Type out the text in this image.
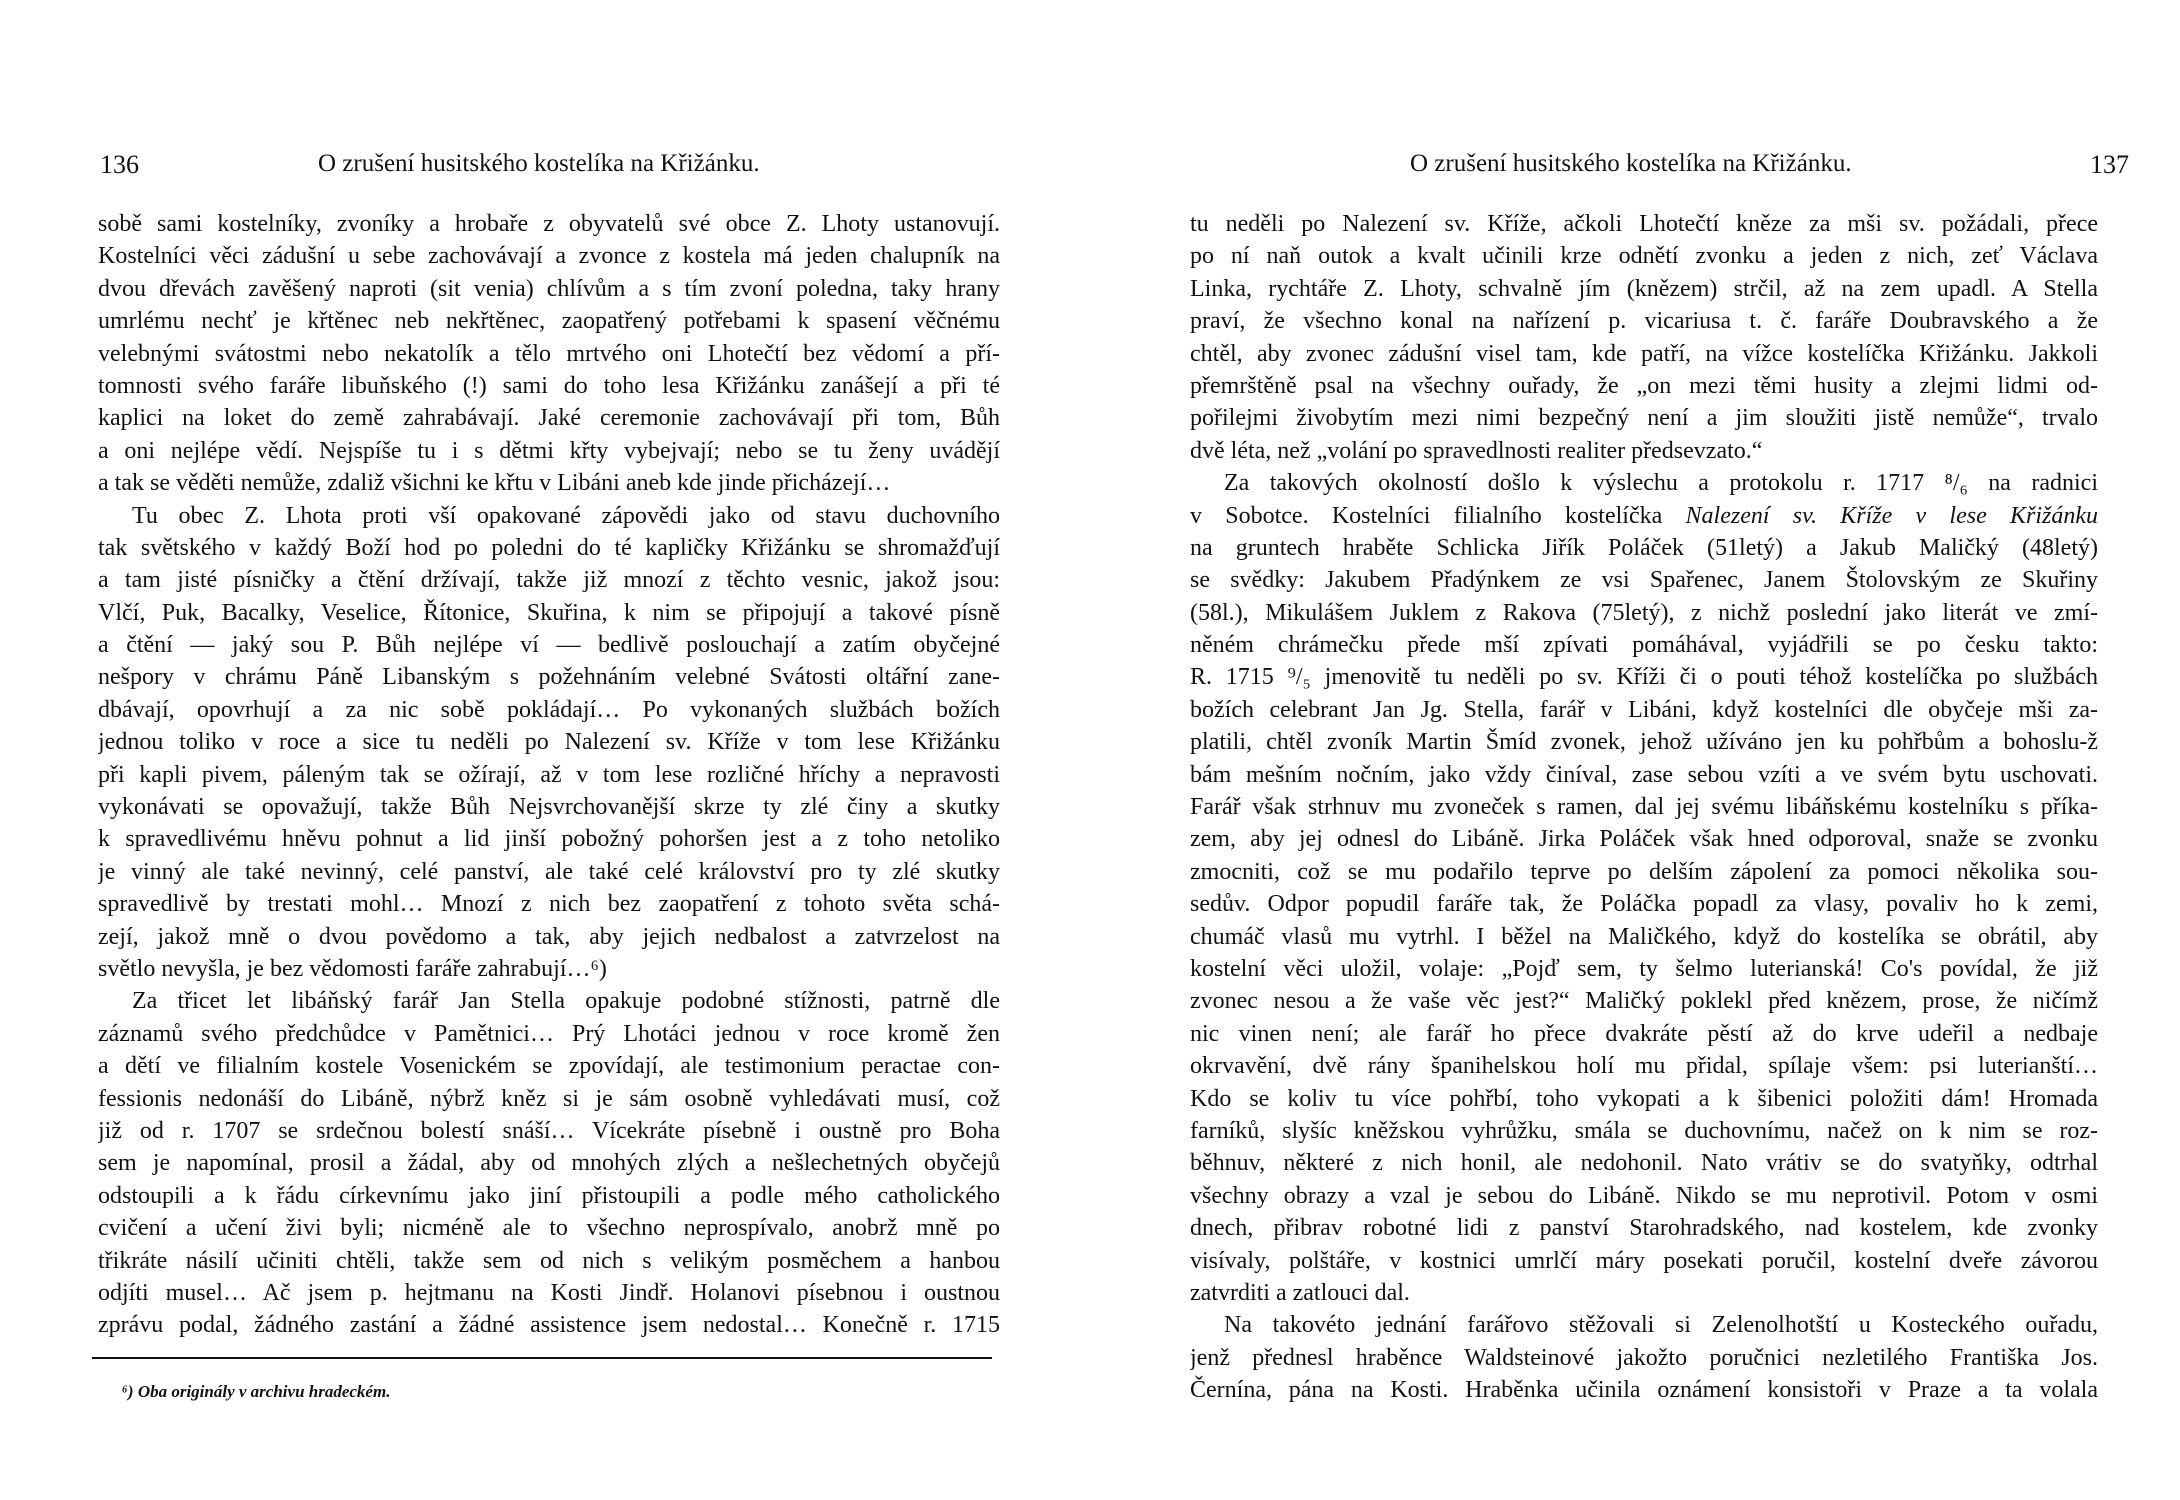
136	O zrušení husitského kostelíka na Křižánku.
sobě sami kostelníky, zvoníky a hrobaře z obyvatelů své obce Z. Lhoty ustanovují.
Kostelníci věci zádušní u sebe zachovávají a zvonce z kostela má jeden chalupník na
dvou dřevách zavěšený naproti (sit venia) chlívům a s tím zvoní poledna, taky hrany
umrlému nechť je křtěnec neb nekřtěnec, zaopatřený potřebami k spasení věčnému
velebnými svátostmi nebo nekatolík a tělo mrtvého oni Lhotečtí bez vědomí a pří-
tomnosti svého faráře libuňského (!) sami do toho lesa Křižánku zanášejí a při té
kaplici na loket do země zahrabávají. Jaké ceremonie zachovávají při tom, Bůh
a oni nejlépe vědí. Nejspíše tu i s dětmi křty vybejvají; nebo se tu ženy uvádějí
a tak se věděti nemůže, zdaliž všichni ke křtu v Libáni aneb kde jinde přicházejí…
Tu obec Z. Lhota proti vší opakované zápovědi jako od stavu duchovního
tak světského v každý Boží hod po poledni do té kapličky Křižánku se shromažďují
a tam jisté písničky a čtění držívají, takže již mnozí z těchto vesnic, jakož jsou:
Vlčí, Puk, Bacalky, Veselice, Řítonice, Skuřina, k nim se připojují a takové písně
a čtění — jaký sou P. Bůh nejlépe ví — bedlivě poslouchají a zatím obyčejné
nešpory v chrámu Páně Libanským s požehnáním velebné Svátosti oltářní zane-
dbávají, opovrhují a za nic sobě pokládají… Po vykonaných službách božích
jednou toliko v roce a sice tu neděli po Nalezení sv. Kříže v tom lese Křižánku
při kapli pivem, páleným tak se ožírají, až v tom lese rozličné hříchy a nepravosti
vykonávati se opovažují, takže Bůh Nejsvrchovanější skrze ty zlé činy a skutky
k spravedlivému hněvu pohnut a lid jinší pobožný pohoršen jest a z toho netoliko
je vinný ale také nevinný, celé panství, ale také celé království pro ty zlé skutky
spravedlivě by trestati mohl… Mnozí z nich bez zaopatření z tohoto světa schá-
zejí, jakož mně o dvou povědomo a tak, aby jejich nedbalost a zatvrzelost na
světlo nevyšla, je bez vědomosti faráře zahrabují…⁶)
Za třicet let libáňský farář Jan Stella opakuje podobné stížnosti, patrně dle
záznamů svého předchůdce v Pamětnici… Prý Lhotáci jednou v roce kromě žen
a dětí ve filialním kostele Vosenickém se zpovídají, ale testimonium peractae con-
fessionis nedonáší do Libáně, nýbrž kněz si je sám osobně vyhledávati musí, což
již od r. 1707 se srdečnou bolestí snáší… Vícekráte písebně i oustně pro Boha
sem je napomínal, prosil a žádal, aby od mnohých zlých a nešlechetných obyčejů
odstoupili a k řádu církevnímu jako jiní přistoupili a podle mého catholického
cvičení a učení živi byli; nicméně ale to všechno neprospívalo, anobrž mně po
třikráte násilí učiniti chtěli, takže sem od nich s velikým posměchem a hanbou
odjíti musel… Ač jsem p. hejtmanu na Kosti Jindř. Holanovi písebnou i oustnou
zprávu podal, žádného zastání a žádné assistence jsem nedostal… Konečně r. 1715
⁶) Oba originály v archivu hradeckém.
O zrušení husitského kostelíka na Křižánku.	137
tu neděli po Nalezení sv. Kříže, ačkoli Lhotečtí kněze za mši sv. požádali, přece
po ní naň outok a kvalt učinili krze odnětí zvonku a jeden z nich, zeť Václava
Linka, rychtáře Z. Lhoty, schvalně jím (knězem) strčil, až na zem upadl. A Stella
praví, že všechno konal na nařízení p. vicariusa t. č. faráře Doubravského a že
chtěl, aby zvonec zádušní visel tam, kde patří, na vížce kostelíčka Křižánku. Jakkoli
přemrštěně psal na všechny ouřady, že „on mezi těmi husity a zlejmi lidmi od-
pořilejmi živobytím mezi nimi bezpečný není a jim sloužiti jistě nemůže“, trvalo
dvě léta, než „volání po spravedlnosti realiter předsevzato.“
Za takových okolností došlo k výslechu a protokolu r. 1717 ⁸/₆ na radnici
v Sobotce. Kostelníci filialního kostelíčka Nalezení sv. Kříže v lese Křižánku
na gruntech hraběte Schlicka Jiřík Poláček (51letý) a Jakub Maličký (48letý)
se svědky: Jakubem Přadýnkem ze vsi Spařenec, Janem Štolovským ze Skuřiny
(58l.), Mikulášem Juklem z Rakova (75letý), z nichž poslední jako literát ve zmí-
něném chrámečku přede mší zpívati pomáhával, vyjádřili se po česku takto:
R. 1715 ⁹/₅ jmenovitě tu neděli po sv. Kříži či o pouti téhož kostelíčka po službách
božích celebrant Jan Jg. Stella, farář v Libáni, když kostelníci dle obyčeje mši za-
platili, chtěl zvoník Martin Šmíd zvonek, jehož užíváno jen ku pohřbům a bohoslu-ž
bám mešním nočním, jako vždy činíval, zase sebou vzíti a ve svém bytu uschovati.
Farář však strhnuv mu zvoneček s ramen, dal jej svému libáňskému kostelníku s příka-
zem, aby jej odnesl do Libáně. Jirka Poláček však hned odporoval, snaže se zvonku
zmocniti, což se mu podařilo teprve po delším zápolení za pomoci několika sou-
sedův. Odpor popudil faráře tak, že Poláčka popadl za vlasy, povaliv ho k zemi,
chumáč vlasů mu vytrhl. I běžel na Maličkého, když do kostelíka se obrátil, aby
kostelní věci uložil, volaje: „Pojď sem, ty šelmo luterianská! Co's povídal, že již
zvonec nesou a že vaše věc jest?“ Maličký poklekl před knězem, prose, že ničímž
nic vinen není; ale farář ho přece dvakráte pěstí až do krve udeřil a nedbaje
okrvavění, dvě rány španihelskou holí mu přidal, spílaje všem: psi luterianští…
Kdo se koliv tu více pohřbí, toho vykopati a k šibenici položiti dám! Hromada
farníků, slyšíc kněžskou vyhrůžku, smála se duchovnímu, načež on k nim se roz-
běhnuv, některé z nich honil, ale nedohonil. Nato vrátiv se do svatyňky, odtrhal
všechny obrazy a vzal je sebou do Libáně. Nikdo se mu neprotivil. Potom v osmi
dnech, přibrav robotné lidi z panství Starohradského, nad kostelem, kde zvonky
visívaly, polštáře, v kostnici umrlčí máry posekati poručil, kostelní dveře závorou
zatvrditi a zatlouci dal.
Na takovéto jednání farářovo stěžovali si Zelenolhotští u Kosteckého ouřadu,
jenž přednesl hraběnce Waldsteinové jakožto poručnici nezletilého Františka Jos.
Černína, pána na Kosti. Hraběnka učinila oznámení konsistoři v Praze a ta volala
